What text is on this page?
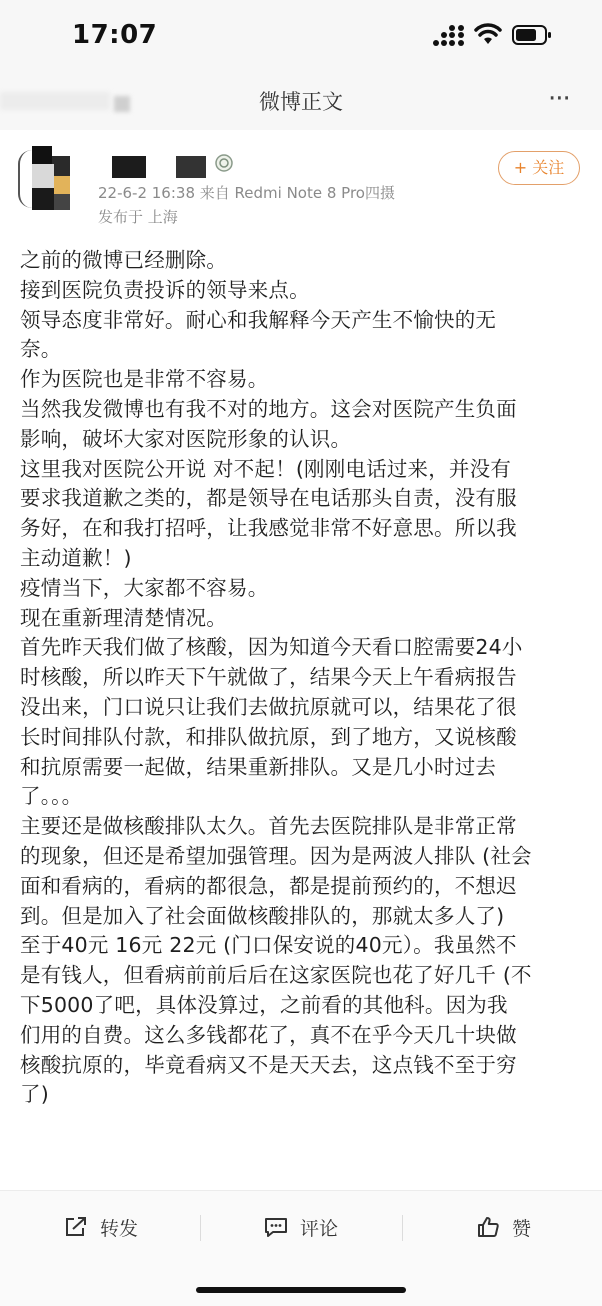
17:07
微博正文	···
22-6-2 16:38 来自 Redmi Note 8 Pro四摄
发布于 上海
+ 关注

之前的微博已经删除。

接到医院负责投诉的领导来点。

领导态度非常好。耐心和我解释今天产生不愉快的无

奈。

作为医院也是非常不容易。

当然我发微博也有我不对的地方。这会对医院产生负面

影响，破坏大家对医院形象的认识。

这里我对医院公开说 对不起！(刚刚电话过来，并没有

要求我道歉之类的，都是领导在电话那头自责，没有服

务好，在和我打招呼，让我感觉非常不好意思。所以我

主动道歉！)

疫情当下，大家都不容易。

现在重新理清楚情况。

首先昨天我们做了核酸，因为知道今天看口腔需要24小

时核酸，所以昨天下午就做了，结果今天上午看病报告

没出来，门口说只让我们去做抗原就可以，结果花了很

长时间排队付款，和排队做抗原，到了地方，又说核酸

和抗原需要一起做，结果重新排队。又是几小时过去

了。。。

主要还是做核酸排队太久。首先去医院排队是非常正常

的现象，但还是希望加强管理。因为是两波人排队 (社会

面和看病的，看病的都很急，都是提前预约的，不想迟

到。但是加入了社会面做核酸排队的，那就太多人了)

至于40元 16元 22元 (门口保安说的40元）。我虽然不

是有钱人，但看病前前后后在这家医院也花了好几千 (不

下5000了吧，具体没算过，之前看的其他科。因为我

们用的自费。这么多钱都花了，真不在乎今天几十块做

核酸抗原的，毕竟看病又不是天天去，这点钱不至于穷

了)

转发	评论	赞
